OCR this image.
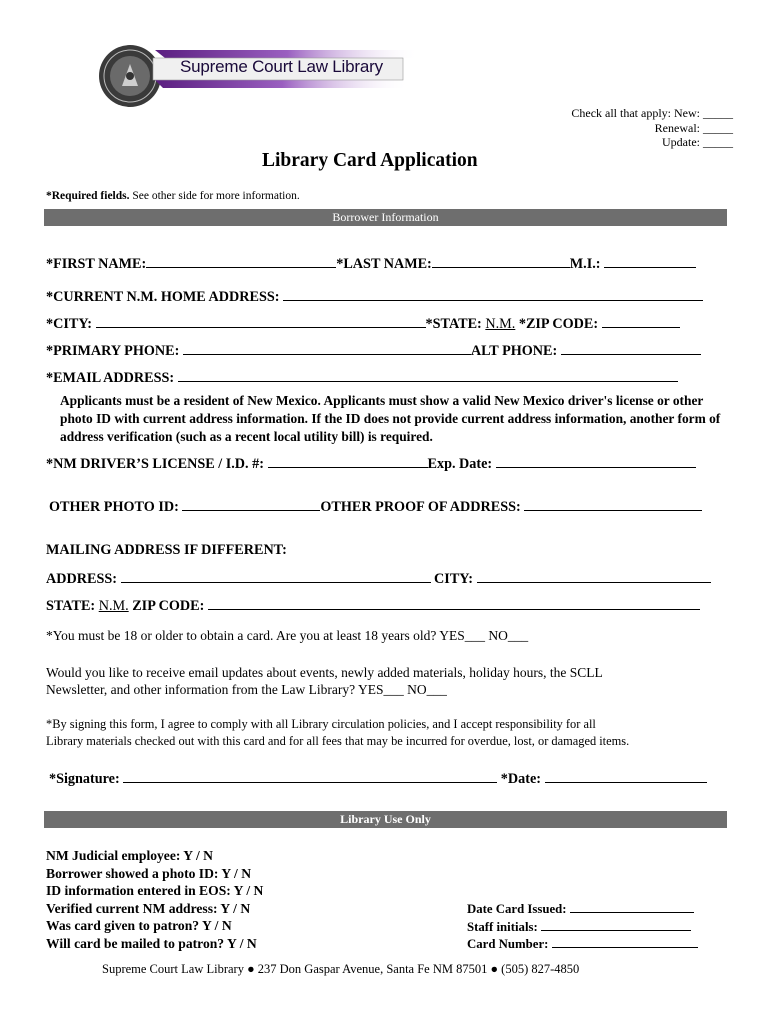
Supreme Court Law Library
Check all that apply: New: _____
Renewal: _____
Update: _____
Library Card Application
*Required fields. See other side for more information.
Borrower Information
*FIRST NAME:	*LAST NAME:	M.I.:
*CURRENT N.M. HOME ADDRESS:
*CITY:	*STATE: N.M. *ZIP CODE:
*PRIMARY PHONE:	ALT PHONE:
*EMAIL ADDRESS:
Applicants must be a resident of New Mexico. Applicants must show a valid New Mexico driver's license or other photo ID with current address information. If the ID does not provide current address information, another form of address verification (such as a recent local utility bill) is required.
*NM DRIVER’S LICENSE / I.D. #:	Exp. Date:
OTHER PHOTO ID:	OTHER PROOF OF ADDRESS:
MAILING ADDRESS IF DIFFERENT:
ADDRESS:	CITY:
STATE: N.M. ZIP CODE:
*You must be 18 or older to obtain a card. Are you at least 18 years old? YES___ NO___
Would you like to receive email updates about events, newly added materials, holiday hours, the SCLL
Newsletter, and other information from the Law Library? YES___ NO___
*By signing this form, I agree to comply with all Library circulation policies, and I accept responsibility for all
Library materials checked out with this card and for all fees that may be incurred for overdue, lost, or damaged items.
*Signature:	*Date:
Library Use Only
NM Judicial employee: Y / N
Borrower showed a photo ID: Y / N
ID information entered in EOS: Y / N
Verified current NM address: Y / N
Was card given to patron? Y / N
Will card be mailed to patron? Y / N
Date Card Issued:
Staff initials:
Card Number:
Supreme Court Law Library ● 237 Don Gaspar Avenue, Santa Fe NM 87501 ● (505) 827-4850
